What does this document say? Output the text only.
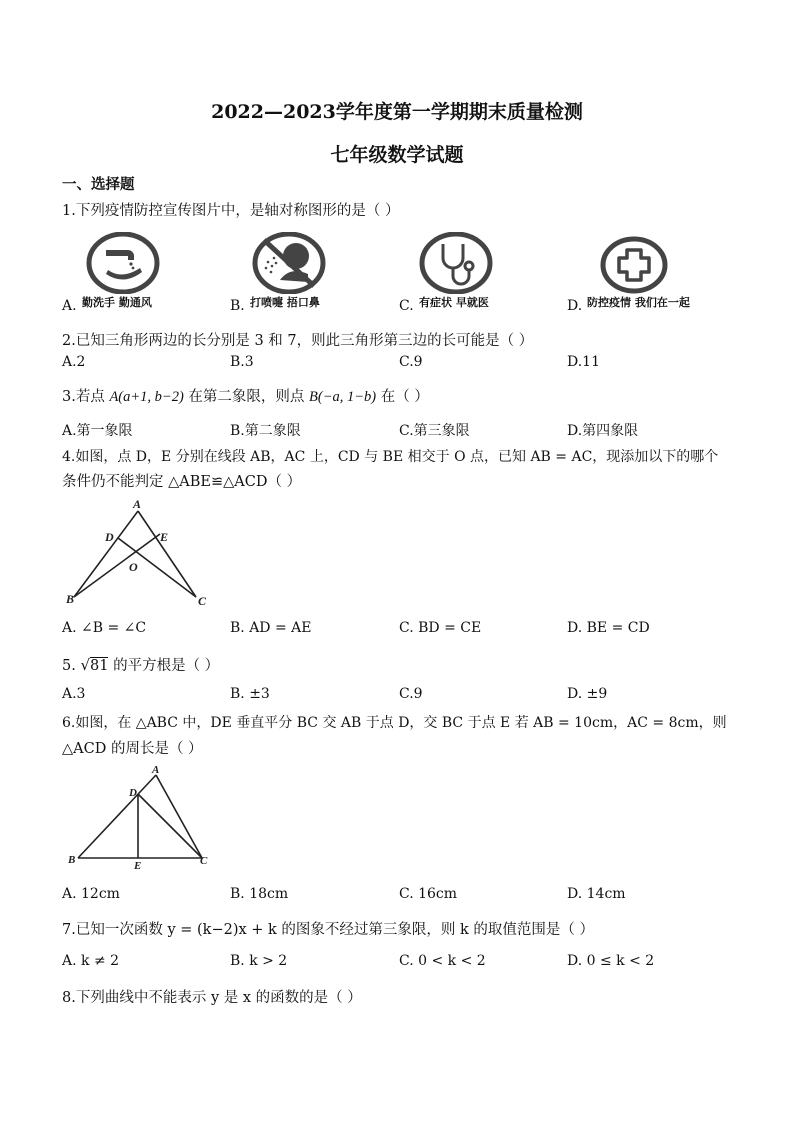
2022—2023学年度第一学期期末质量检测
七年级数学试题
一、选择题
1.下列疫情防控宣传图片中，是轴对称图形的是（ ）
A. 勤洗手 勤通风	B. 打喷嚏 捂口鼻	C. 有症状 早就医	D. 防控疫情 我们在一起
2.已知三角形两边的长分别是 3 和 7，则此三角形第三边的长可能是（ ）
A.2	B.3	C.9	D.11
3.若点 A(a+1, b−2) 在第二象限，则点 B(−a, 1−b) 在（ ）
A.第一象限	B.第二象限	C.第三象限	D.第四象限
4.如图，点 D，E 分别在线段 AB，AC 上，CD 与 BE 相交于 O 点，已知 AB = AC，现添加以下的哪个
条件仍不能判定 △ABE≌△ACD（ ）
A
D	E
O
B	C
A. ∠B = ∠C	B. AD = AE	C. BD = CE	D. BE = CD
5. √81 的平方根是（ ）
A.3	B. ±3	C.9	D. ±9
6.如图，在 △ABC 中，DE 垂直平分 BC 交 AB 于点 D，交 BC 于点 E 若 AB = 10cm，AC = 8cm，则
△ACD 的周长是（ ）
A
D
B	E	C
A. 12cm	B. 18cm	C. 16cm	D. 14cm
7.已知一次函数 y = (k−2)x + k 的图象不经过第三象限，则 k 的取值范围是（ ）
A. k ≠ 2	B. k > 2	C. 0 < k < 2	D. 0 ≤ k < 2
8.下列曲线中不能表示 y 是 x 的函数的是（ ）
